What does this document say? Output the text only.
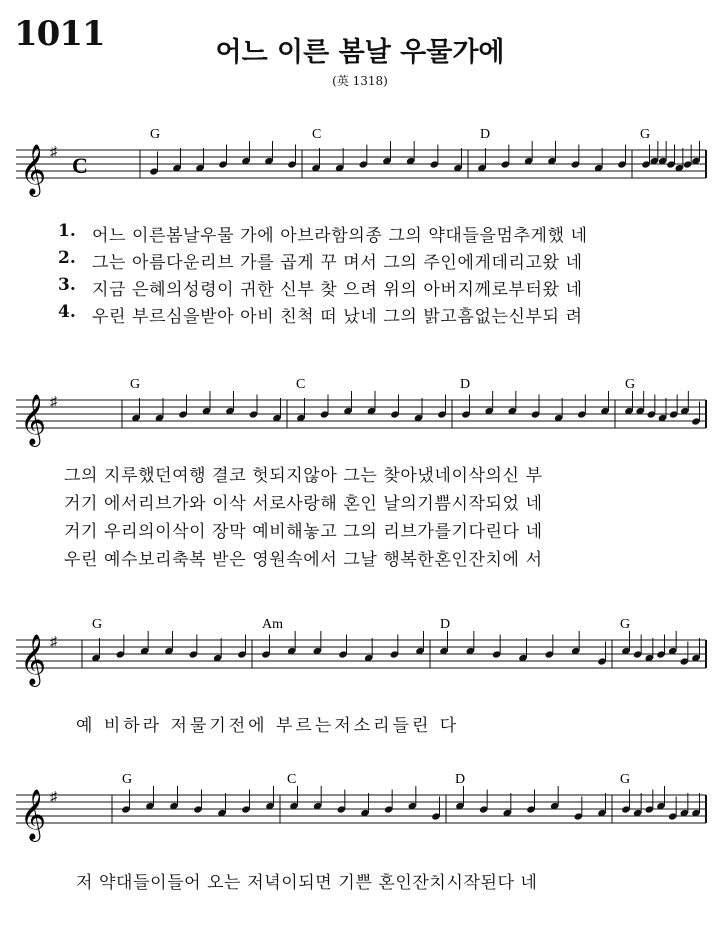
1011	어느 이른 봄날 우물가에
(英 1318)
𝄞 ♯
C
G	C	D	G
1. 어느 이른봄날우물 가에 아브라함의종 그의 약대들을멈추게했 네
2. 그는 아름다운리브 가를 곱게 꾸 며서 그의 주인에게데리고왔 네
3. 지금 은혜의성령이 귀한 신부 찾 으려 위의 아버지께로부터왔 네
4. 우린 부르심을받아 아비 친척 떠 났네 그의 밝고흠없는신부되 려
𝄞 ♯
G	C	D	G
그의 지루했던여행 결코 헛되지않아 그는 찾아냈네이삭의신 부
거기 에서리브가와 이삭 서로사랑해 혼인 날의기쁨시작되었 네
거기 우리의이삭이 장막 예비해놓고 그의 리브가를기다린다 네
우린 예수보리축복 받은 영원속에서 그날 행복한혼인잔치에 서
𝄞 ♯
G	Am	D	G
예 비하라 저물기전에 부르는저소리들린 다
𝄞 ♯
G	C	D	G
저 약대들이들어 오는 저녁이되면 기쁜 혼인잔치시작된다 네
